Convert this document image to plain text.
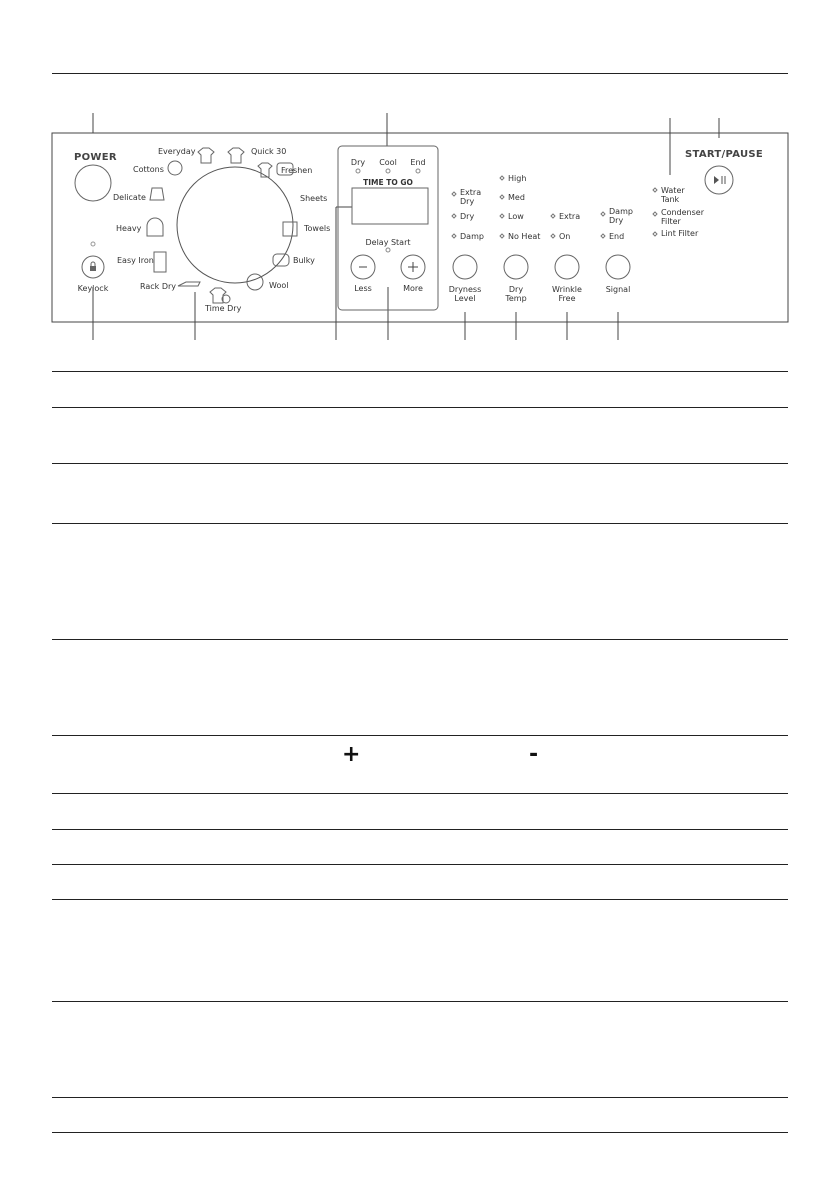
POWER	START/PAUSE
Keylock
Everyday	Quick 30
Cottons	Freshen
Delicate	Sheets
Heavy	Towels
Easy Iron	Bulky
Wool
Rack Dry
Time Dry
Dry Cool End
TIME TO GO
Delay Start
Less	More
Extra
Dry
Dry
Damp
Dryness
Level
High
Med
Low
No Heat
Dry
Temp
Extra
On
Wrinkle
Free
Damp
Dry
End
Signal
Water
Tank
Condenser
Filter
Lint Filter
+	-
